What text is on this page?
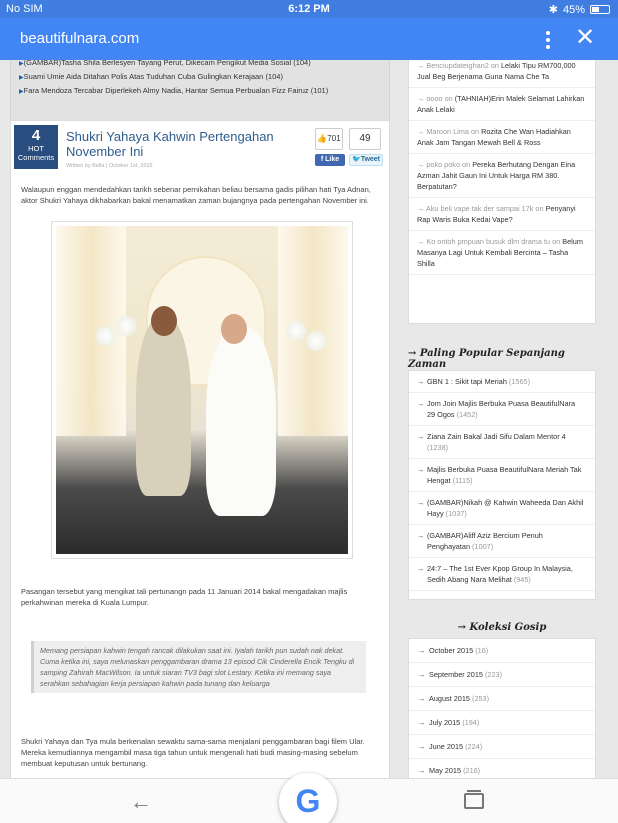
No SIM	6:12 PM	✱ 45%
beautifulnara.com	✕
▶ (GAMBAR)Tasha Shila Berlesyen Tayang Perut, Dikecam Pengikut Media Sosial (104)
▶ Suami Umie Aida Ditahan Polis Atas Tuduhan Cuba Gulingkan Kerajaan (104)
▶ Fara Mendoza Tercabar Diperlekeh Almy Nadia, Hantar Semua Perbualan Fizz Fairuz (101)
4
HOT Comments
Shukri Yahaya Kahwin Pertengahan November Ini
Written by Bella | October 1st, 2015
👍701	49
f Like	🐦Tweet
Walaupun enggan mendedahkan tarikh sebenar pernikahan beliau bersama gadis pilihan hati Tya Adnan, aktor Shukri Yahaya dikhabarkan bakal menamatkan zaman bujangnya pada pertengahan November ini.
Pasangan tersebut yang mengikat tali pertunangn pada 11 Januari 2014 bakal mengadakan majlis perkahwinan mereka di Kuala Lumpur.
Memang persiapan kahwin tengah rancak dilakukan saat ini. Iyalah tarikh pun sudah nak dekat. Cuma ketika ini, saya melunaskan penggambaran drama 13 episod Cik Cinderella Encik Tengku di samping Zahirah MacWilson. Ia untuk siaran TV3 bagi slot Lestary. Ketika ini memang saya serahkan sebahagian kerja persiapan kahwin pada tunang dan keluarga
Shukri Yahaya dan Tya mula berkenalan sewaktu sama-sama menjalani penggambaran bagi filem Ular. Mereka kemudiannya mengambil masa tiga tahun untuk mengenali hati budi masing-masing sebelum membuat keputusan untuk bertunang.
→ Benciupdateighan2 on Lelaki Tipu RM700,000 Jual Beg Berjenama Guna Nama Che Ta
→ oooo on (TAHNIAH)Erin Malek Selamat Lahirkan Anak Lelaki
→ Maroon Lima on Rozita Che Wan Hadiahkan Anak Jam Tangan Mewah Bell & Ross
→ poko poko on Pereka Berhutang Dengan Eina Azman Jahit Gaun Ini Untuk Harga RM 380. Berpatutan?
→ Aku beli vape tak der sampai 17k on Penyanyi Rap Waris Buka Kedai Vape?
→ Ko ontoh pmpuan busuk dlm drama tu on Belum Masanya Lagi Untuk Kembali Bercinta – Tasha Shilla
→ Paling Popular Sepanjang Zaman
→ GBN 1 : Sikit tapi Meriah (1565)
→ Jom Join Majlis Berbuka Puasa BeautifulNara 29 Ogos (1452)
→ Ziana Zain Bakal Jadi Sifu Dalam Mentor 4 (1238)
→ Majlis Berbuka Puasa BeautifulNara Meriah Tak Hengat (1115)
→ (GAMBAR)Nikah @ Kahwin Waheeda Dan Akhil Hayy (1037)
→ (GAMBAR)Aliff Aziz Bercium Penuh Penghayatan (1007)
→ 24:7 – The 1st Ever Kpop Group In Malaysia, Sedih Abang Nara Melihat (945)
→ Koleksi Gosip
→ October 2015 (16)
→ September 2015 (223)
→ August 2015 (253)
→ July 2015 (194)
→ June 2015 (224)
→ May 2015 (216)
←	G
